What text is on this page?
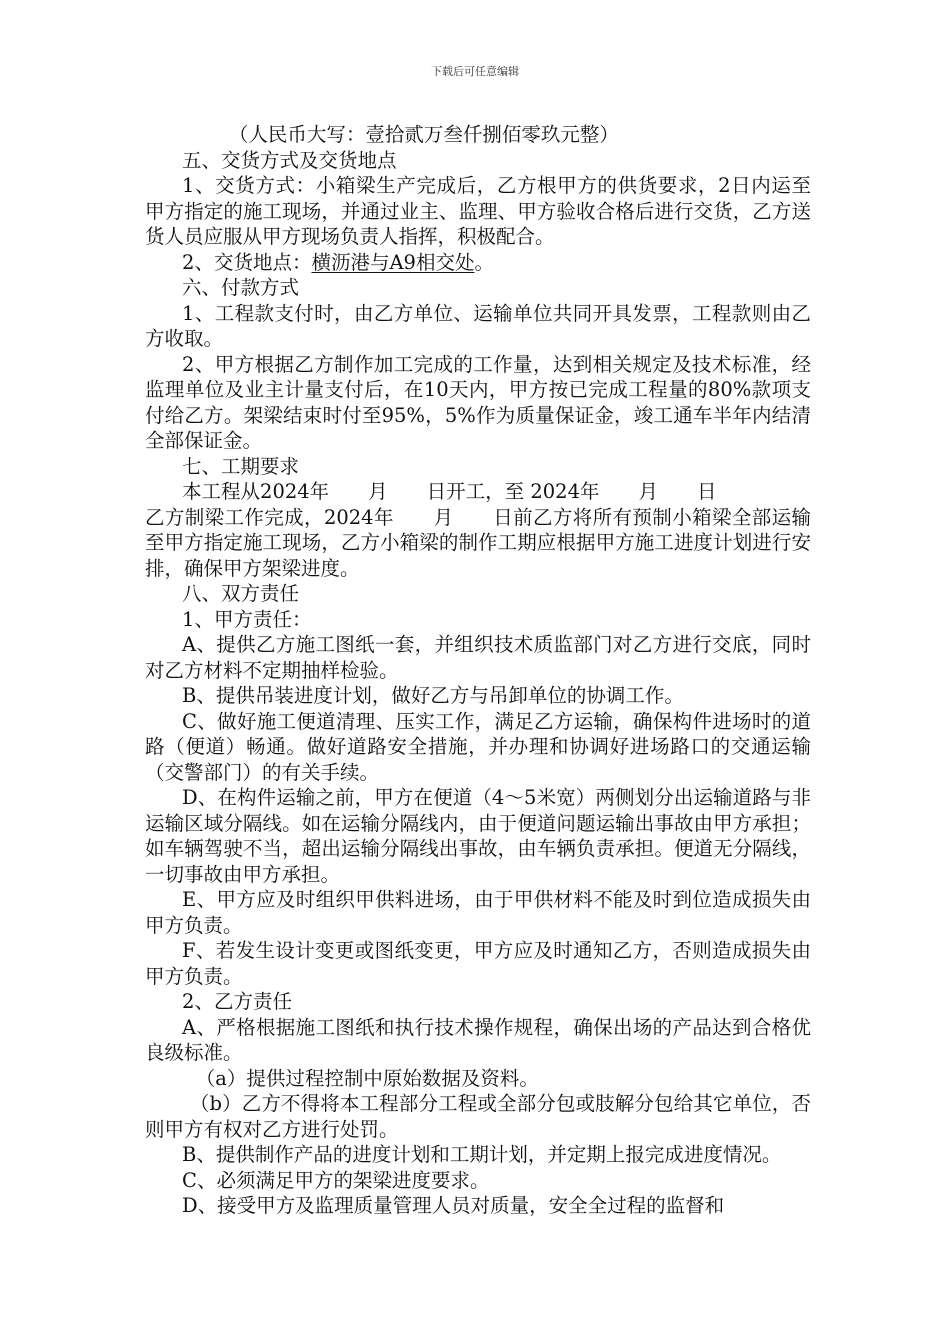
下载后可任意编辑

（人民币大写：壹拾贰万叁仟捌佰零玖元整）

五、交货方式及交货地点

1、交货方式：小箱梁生产完成后，乙方根甲方的供货要求，2日内运至甲方指定的施工现场，并通过业主、监理、甲方验收合格后进行交货，乙方送货人员应服从甲方现场负责人指挥，积极配合。

2、交货地点：横沥港与A9相交处。

六、付款方式

1、工程款支付时，由乙方单位、运输单位共同开具发票，工程款则由乙方收取。

2、甲方根据乙方制作加工完成的工作量，达到相关规定及技术标准，经监理单位及业主计量支付后，在10天内，甲方按已完成工程量的80%款项支付给乙方。架梁结束时付至95%，5%作为质量保证金，竣工通车半年内结清全部保证金。

七、工期要求

本工程从2024年　　月　　日开工，至 2024年　　月　　日

乙方制梁工作完成，2024年　　月　　日前乙方将所有预制小箱梁全部运输至甲方指定施工现场，乙方小箱梁的制作工期应根据甲方施工进度计划进行安排，确保甲方架梁进度。

八、双方责任

1、甲方责任：

A、提供乙方施工图纸一套，并组织技术质监部门对乙方进行交底，同时对乙方材料不定期抽样检验。

B、提供吊装进度计划，做好乙方与吊卸单位的协调工作。

C、做好施工便道清理、压实工作，满足乙方运输，确保构件进场时的道路（便道）畅通。做好道路安全措施，并办理和协调好进场路口的交通运输（交警部门）的有关手续。

D、在构件运输之前，甲方在便道（4～5米宽）两侧划分出运输道路与非运输区域分隔线。如在运输分隔线内，由于便道问题运输出事故由甲方承担；如车辆驾驶不当，超出运输分隔线出事故，由车辆负责承担。便道无分隔线，一切事故由甲方承担。

E、甲方应及时组织甲供料进场，由于甲供材料不能及时到位造成损失由甲方负责。

F、若发生设计变更或图纸变更，甲方应及时通知乙方，否则造成损失由甲方负责。

2、乙方责任

A、严格根据施工图纸和执行技术操作规程，确保出场的产品达到合格优良级标准。

（a）提供过程控制中原始数据及资料。

（b）乙方不得将本工程部分工程或全部分包或肢解分包给其它单位，否则甲方有权对乙方进行处罚。

B、提供制作产品的进度计划和工期计划，并定期上报完成进度情况。

C、必须满足甲方的架梁进度要求。

D、接受甲方及监理质量管理人员对质量，安全全过程的监督和
